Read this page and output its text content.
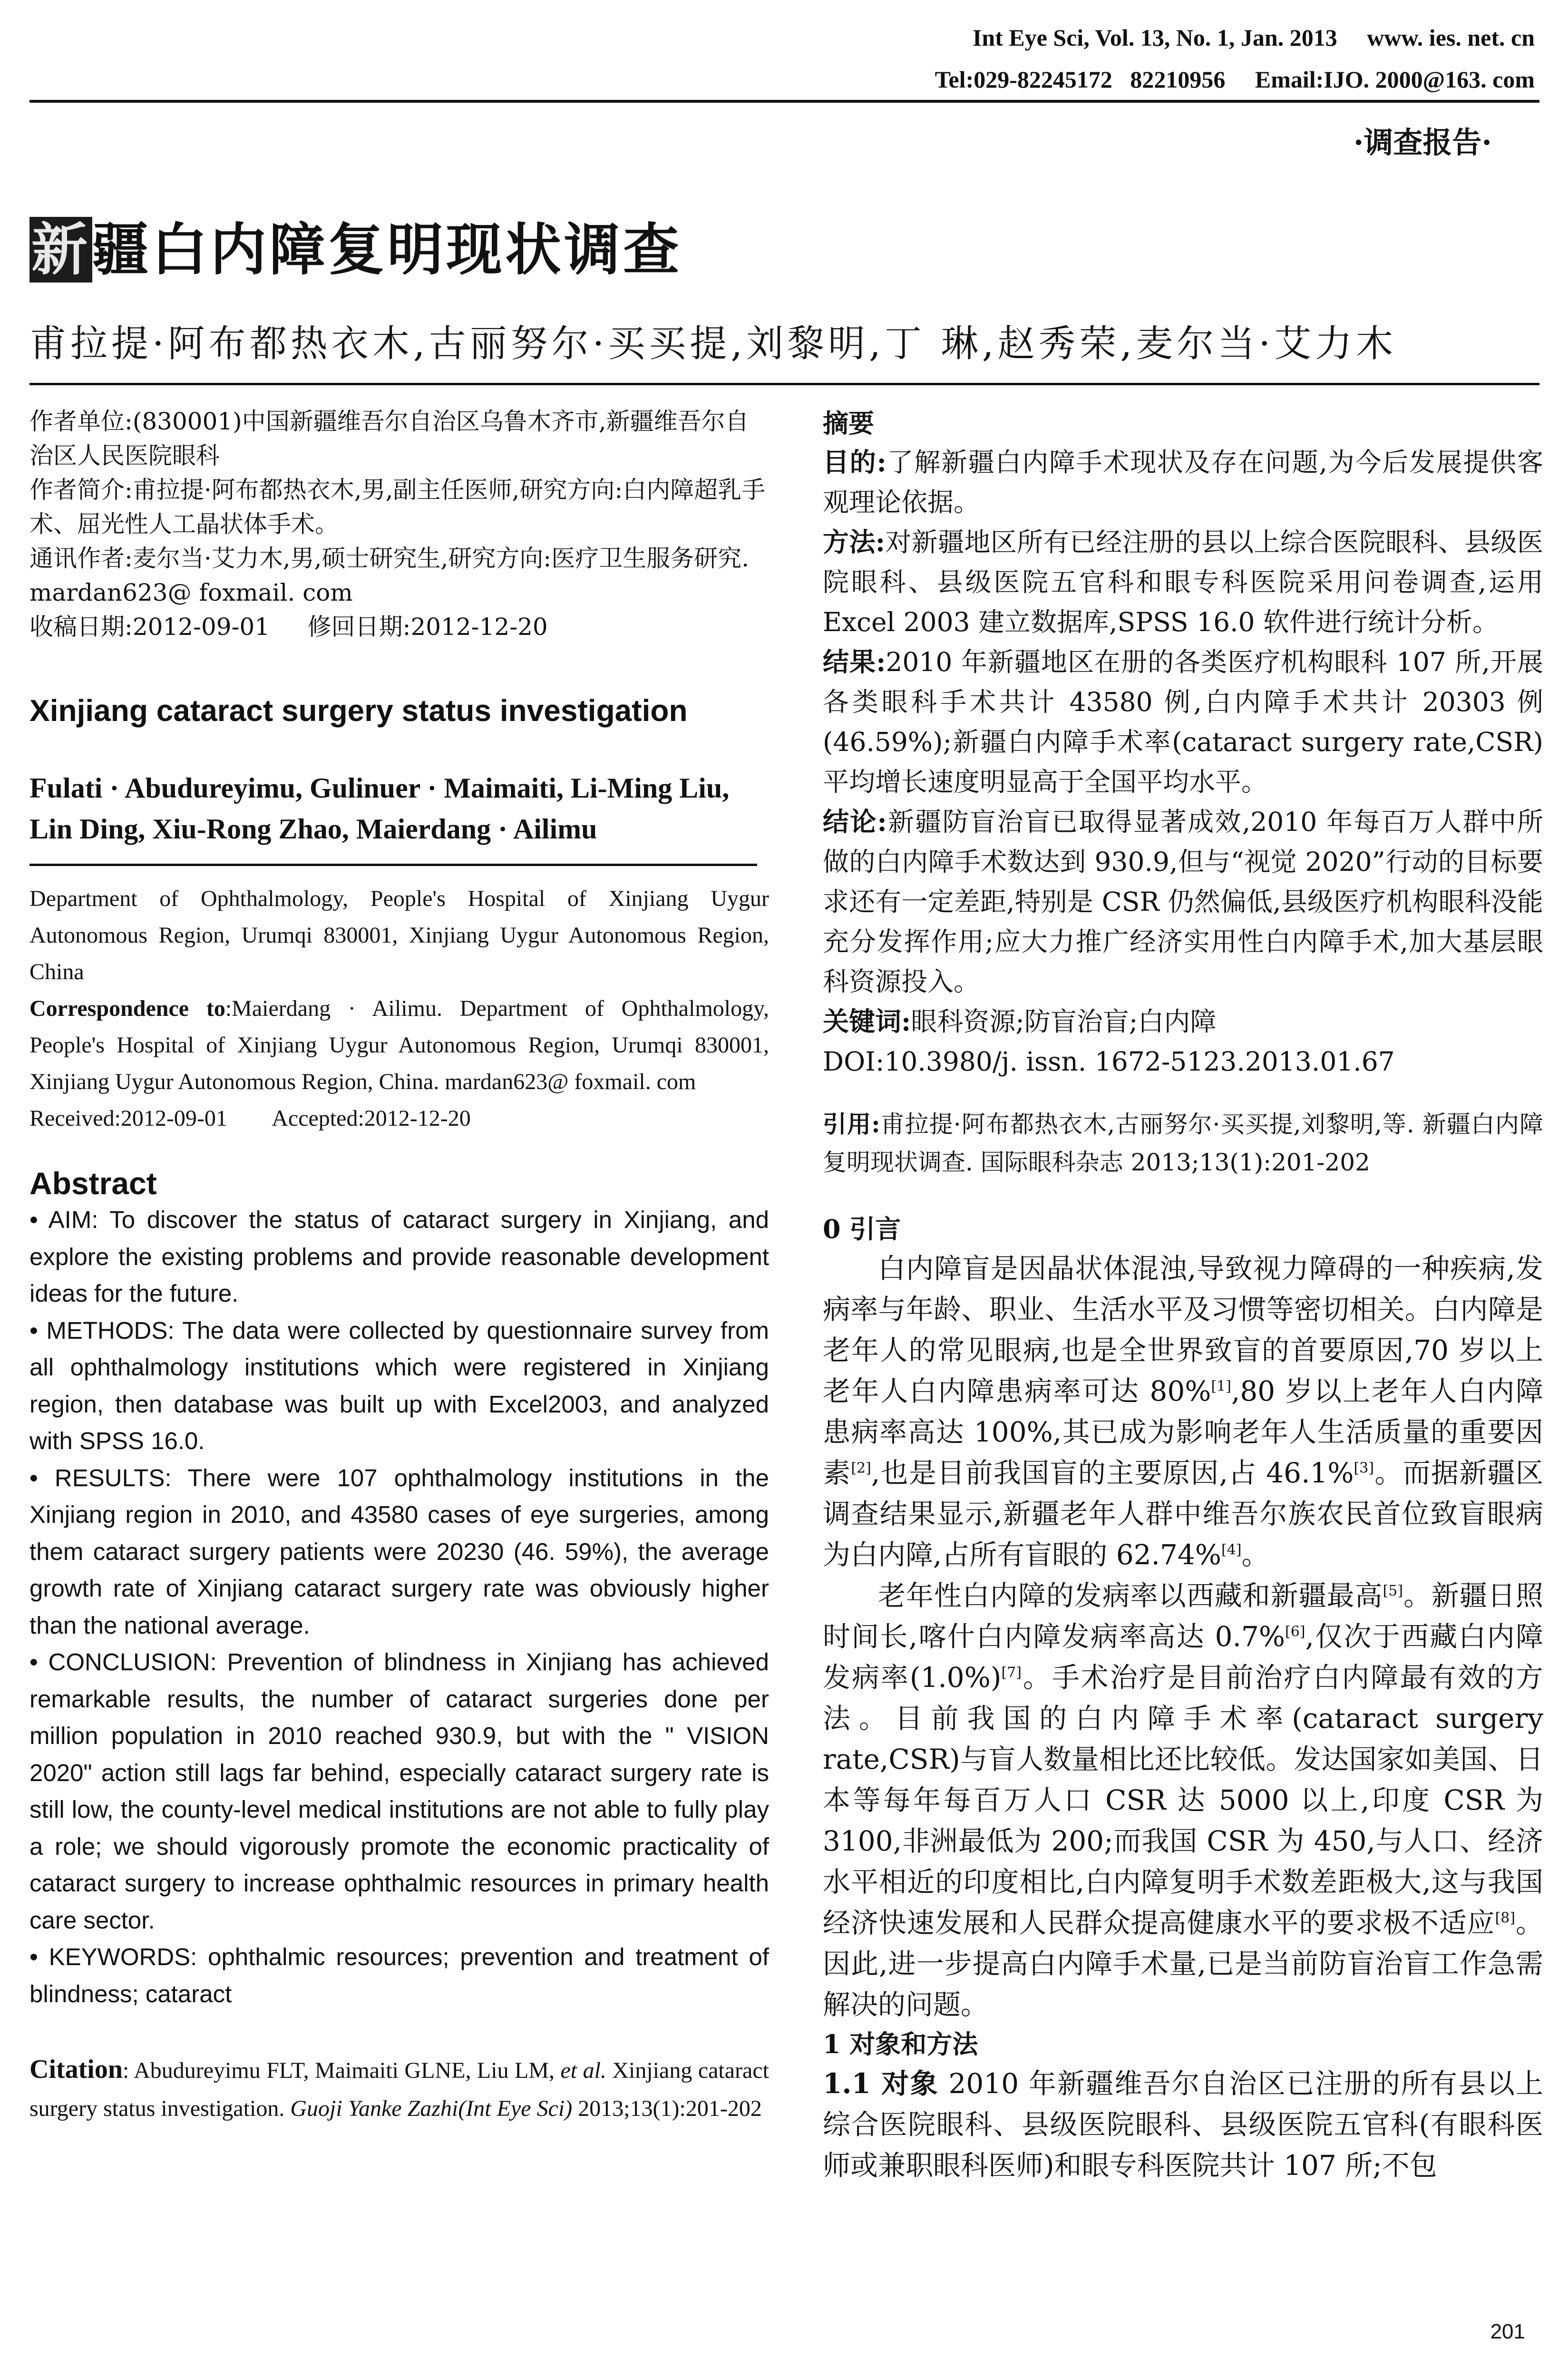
Int Eye Sci, Vol. 13, No. 1, Jan. 2013     www. ies. net. cn
Tel:029-82245172   82210956     Email:IJO. 2000@163. com
·调查报告·
新疆白内障复明现状调查
甫拉提·阿布都热衣木,古丽努尔·买买提,刘黎明,丁 琳,赵秀荣,麦尔当·艾力木

作者单位:(830001)中国新疆维吾尔自治区乌鲁木齐市,新疆维吾尔自治区人民医院眼科

作者简介:甫拉提·阿布都热衣木,男,副主任医师,研究方向:白内障超乳手术、屈光性人工晶状体手术。

通讯作者:麦尔当·艾力木,男,硕士研究生,研究方向:医疗卫生服务研究. mardan623@ foxmail. com

收稿日期:2012-09-01     修回日期:2012-12-20

Xinjiang cataract surgery status investigation
Fulati · Abudureyimu, Gulinuer · Maimaiti, Li-Ming Liu, Lin Ding, Xiu-Rong Zhao, Maierdang · Ailimu

Department of Ophthalmology, People's Hospital of Xinjiang Uygur Autonomous Region, Urumqi 830001, Xinjiang Uygur Autonomous Region, China

Correspondence to:Maierdang · Ailimu. Department of Ophthalmology, People's Hospital of Xinjiang Uygur Autonomous Region, Urumqi 830001, Xinjiang Uygur Autonomous Region, China. mardan623@ foxmail. com

Received:2012-09-01        Accepted:2012-12-20
Abstract

• AIM: To discover the status of cataract surgery in Xinjiang, and explore the existing problems and provide reasonable development ideas for the future.

• METHODS: The data were collected by questionnaire survey from all ophthalmology institutions which were registered in Xinjiang region, then database was built up with Excel2003, and analyzed with SPSS 16.0.

• RESULTS: There were 107 ophthalmology institutions in the Xinjiang region in 2010, and 43580 cases of eye surgeries, among them cataract surgery patients were 20230 (46. 59%), the average growth rate of Xinjiang cataract surgery rate was obviously higher than the national average.

• CONCLUSION: Prevention of blindness in Xinjiang has achieved remarkable results, the number of cataract surgeries done per million population in 2010 reached 930.9, but with the " VISION 2020" action still lags far behind, especially cataract surgery rate is still low, the county-level medical institutions are not able to fully play a role; we should vigorously promote the economic practicality of cataract surgery to increase ophthalmic resources in primary health care sector.

• KEYWORDS: ophthalmic resources; prevention and treatment of blindness; cataract

Citation: Abudureyimu FLT, Maimaiti GLNE, Liu LM, et al. Xinjiang cataract surgery status investigation. Guoji Yanke Zazhi(Int Eye Sci) 2013;13(1):201-202

摘要

目的:了解新疆白内障手术现状及存在问题,为今后发展提供客观理论依据。

方法:对新疆地区所有已经注册的县以上综合医院眼科、县级医院眼科、县级医院五官科和眼专科医院采用问卷调查,运用 Excel 2003 建立数据库,SPSS 16.0 软件进行统计分析。

结果:2010 年新疆地区在册的各类医疗机构眼科 107 所,开展各类眼科手术共计 43580 例,白内障手术共计 20303 例(46.59%);新疆白内障手术率(cataract surgery rate,CSR)平均增长速度明显高于全国平均水平。

结论:新疆防盲治盲已取得显著成效,2010 年每百万人群中所做的白内障手术数达到 930.9,但与“视觉 2020”行动的目标要求还有一定差距,特别是 CSR 仍然偏低,县级医疗机构眼科没能充分发挥作用;应大力推广经济实用性白内障手术,加大基层眼科资源投入。

关键词:眼科资源;防盲治盲;白内障

DOI:10.3980/j. issn. 1672-5123.2013.01.67

引用:甫拉提·阿布都热衣木,古丽努尔·买买提,刘黎明,等. 新疆白内障复明现状调查. 国际眼科杂志 2013;13(1):201-202

0 引言

白内障盲是因晶状体混浊,导致视力障碍的一种疾病,发病率与年龄、职业、生活水平及习惯等密切相关。白内障是老年人的常见眼病,也是全世界致盲的首要原因,70 岁以上老年人白内障患病率可达 80%[1],80 岁以上老年人白内障患病率高达 100%,其已成为影响老年人生活质量的重要因素[2],也是目前我国盲的主要原因,占 46.1%[3]。而据新疆区调查结果显示,新疆老年人群中维吾尔族农民首位致盲眼病为白内障,占所有盲眼的 62.74%[4]。

老年性白内障的发病率以西藏和新疆最高[5]。新疆日照时间长,喀什白内障发病率高达 0.7%[6],仅次于西藏白内障发病率(1.0%)[7]。手术治疗是目前治疗白内障最有效的方法。目前我国的白内障手术率(cataract surgery rate,CSR)与盲人数量相比还比较低。发达国家如美国、日本等每年每百万人口 CSR 达 5000 以上,印度 CSR 为 3100,非洲最低为 200;而我国 CSR 为 450,与人口、经济水平相近的印度相比,白内障复明手术数差距极大,这与我国经济快速发展和人民群众提高健康水平的要求极不适应[8]。因此,进一步提高白内障手术量,已是当前防盲治盲工作急需解决的问题。

1 对象和方法

1.1 对象 2010 年新疆维吾尔自治区已注册的所有县以上综合医院眼科、县级医院眼科、县级医院五官科(有眼科医师或兼职眼科医师)和眼专科医院共计 107 所;不包

201
